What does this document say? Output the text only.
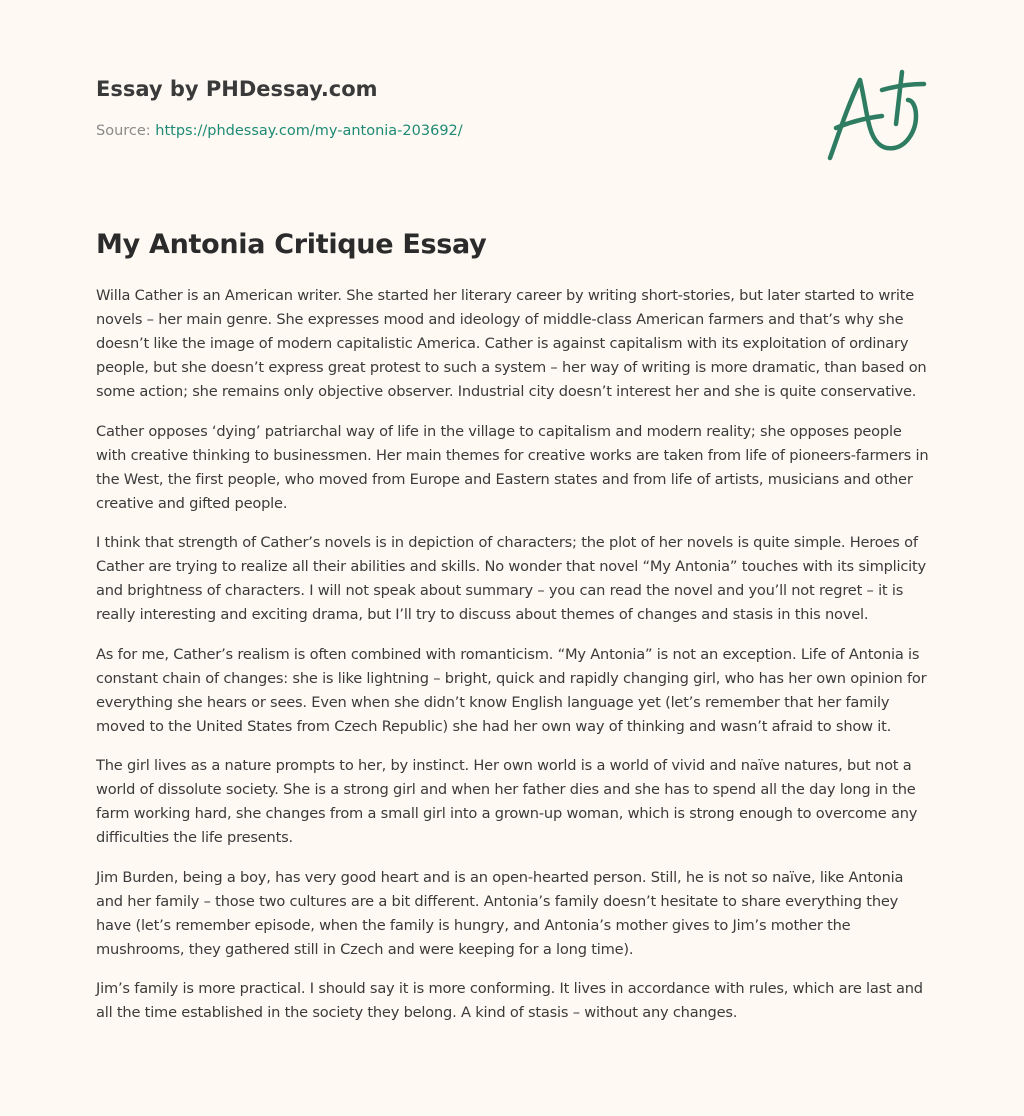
Essay by PHDessay.com
Source: https://phdessay.com/my-antonia-203692/
My Antonia Critique Essay

Willa Cather is an American writer. She started her literary career by writing short-stories, but later started to write novels – her main genre. She expresses mood and ideology of middle-class American farmers and that’s why she doesn’t like the image of modern capitalistic America. Cather is against capitalism with its exploitation of ordinary people, but she doesn’t express great protest to such a system – her way of writing is more dramatic, than based on some action; she remains only objective observer. Industrial city doesn’t interest her and she is quite conservative.

Cather opposes ‘dying’ patriarchal way of life in the village to capitalism and modern reality; she opposes people with creative thinking to businessmen. Her main themes for creative works are taken from life of pioneers-farmers in the West, the first people, who moved from Europe and Eastern states and from life of artists, musicians and other creative and gifted people.

I think that strength of Cather’s novels is in depiction of characters; the plot of her novels is quite simple. Heroes of Cather are trying to realize all their abilities and skills. No wonder that novel “My Antonia” touches with its simplicity and brightness of characters. I will not speak about summary – you can read the novel and you’ll not regret – it is really interesting and exciting drama, but I’ll try to discuss about themes of changes and stasis in this novel.

As for me, Cather’s realism is often combined with romanticism. “My Antonia” is not an exception. Life of Antonia is constant chain of changes: she is like lightning – bright, quick and rapidly changing girl, who has her own opinion for everything she hears or sees. Even when she didn’t know English language yet (let’s remember that her family moved to the United States from Czech Republic) she had her own way of thinking and wasn’t afraid to show it.

The girl lives as a nature prompts to her, by instinct. Her own world is a world of vivid and naïve natures, but not a world of dissolute society. She is a strong girl and when her father dies and she has to spend all the day long in the farm working hard, she changes from a small girl into a grown-up woman, which is strong enough to overcome any difficulties the life presents.

Jim Burden, being a boy, has very good heart and is an open-hearted person. Still, he is not so naïve, like Antonia and her family – those two cultures are a bit different. Antonia’s family doesn’t hesitate to share everything they have (let’s remember episode, when the family is hungry, and Antonia’s mother gives to Jim’s mother the mushrooms, they gathered still in Czech and were keeping for a long time).

Jim’s family is more practical. I should say it is more conforming. It lives in accordance with rules, which are last and all the time established in the society they belong. A kind of stasis – without any changes.
